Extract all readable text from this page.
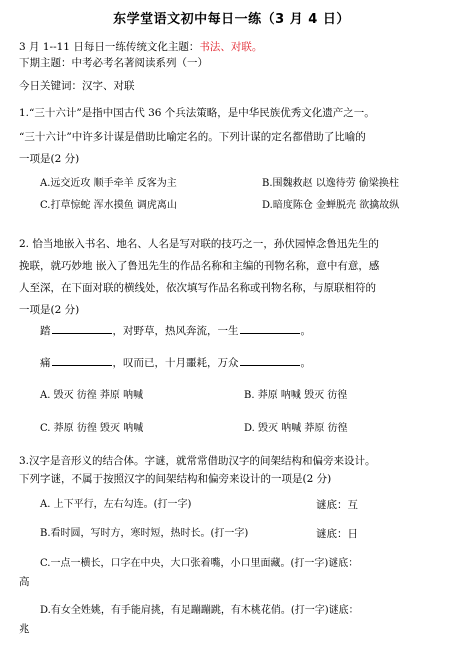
东学堂语文初中每日一练（3 月 4 日）
3 月 1--11 日每日一练传统文化主题：书法、对联。
下期主题：中考必考名著阅读系列（一）
今日关键词：汉字、对联
1.“三十六计”是指中国古代 36 个兵法策略，是中华民族优秀文化遗产之一。
“三十六计”中许多计谋是借助比喻定名的。下列计谋的定名都借助了比喻的
一项是(2 分)
A.远交近攻 顺手牵羊 反客为主	B.围魏救赵 以逸待劳 偷梁换柱
C.打草惊蛇 浑水摸鱼 调虎离山	D.暗度陈仓 金蝉脱壳 欲擒故纵
2. 恰当地嵌入书名、地名、人名是写对联的技巧之一，孙伏园悼念鲁迅先生的
挽联，就巧妙地 嵌入了鲁迅先生的作品名称和主编的刊物名称，意中有意，感
人至深，在下面对联的横线处，依次填写作品名称或刊物名称，与原联相符的
一项是(2 分)
踏	，对野草，热风奔流，一生	。
痛	，叹而已，十月噩耗，万众	。
A. 毁灭 彷徨 莽原 呐喊	B. 莽原 呐喊 毁灭 彷徨
C. 莽原 彷徨 毁灭 呐喊	D. 毁灭 呐喊 莽原 彷徨
3.汉字是音形义的结合体。字谜，就常常借助汉字的间架结构和偏旁来设计。
下列字谜，不属于按照汉字的间架结构和偏旁来设计的一项是(2 分)
A. 上下平行，左右勾连。(打一字)	谜底：互
B.看时圆，写时方，寒时短，热时长。(打一字)	谜底：日
C.一点一横长，口字在中央，大口张着嘴，小口里面藏。(打一字)谜底：
高
D.有女全姓姚，有手能肩挑，有足蹦蹦跳，有木桃花俏。(打一字)谜底：
兆
